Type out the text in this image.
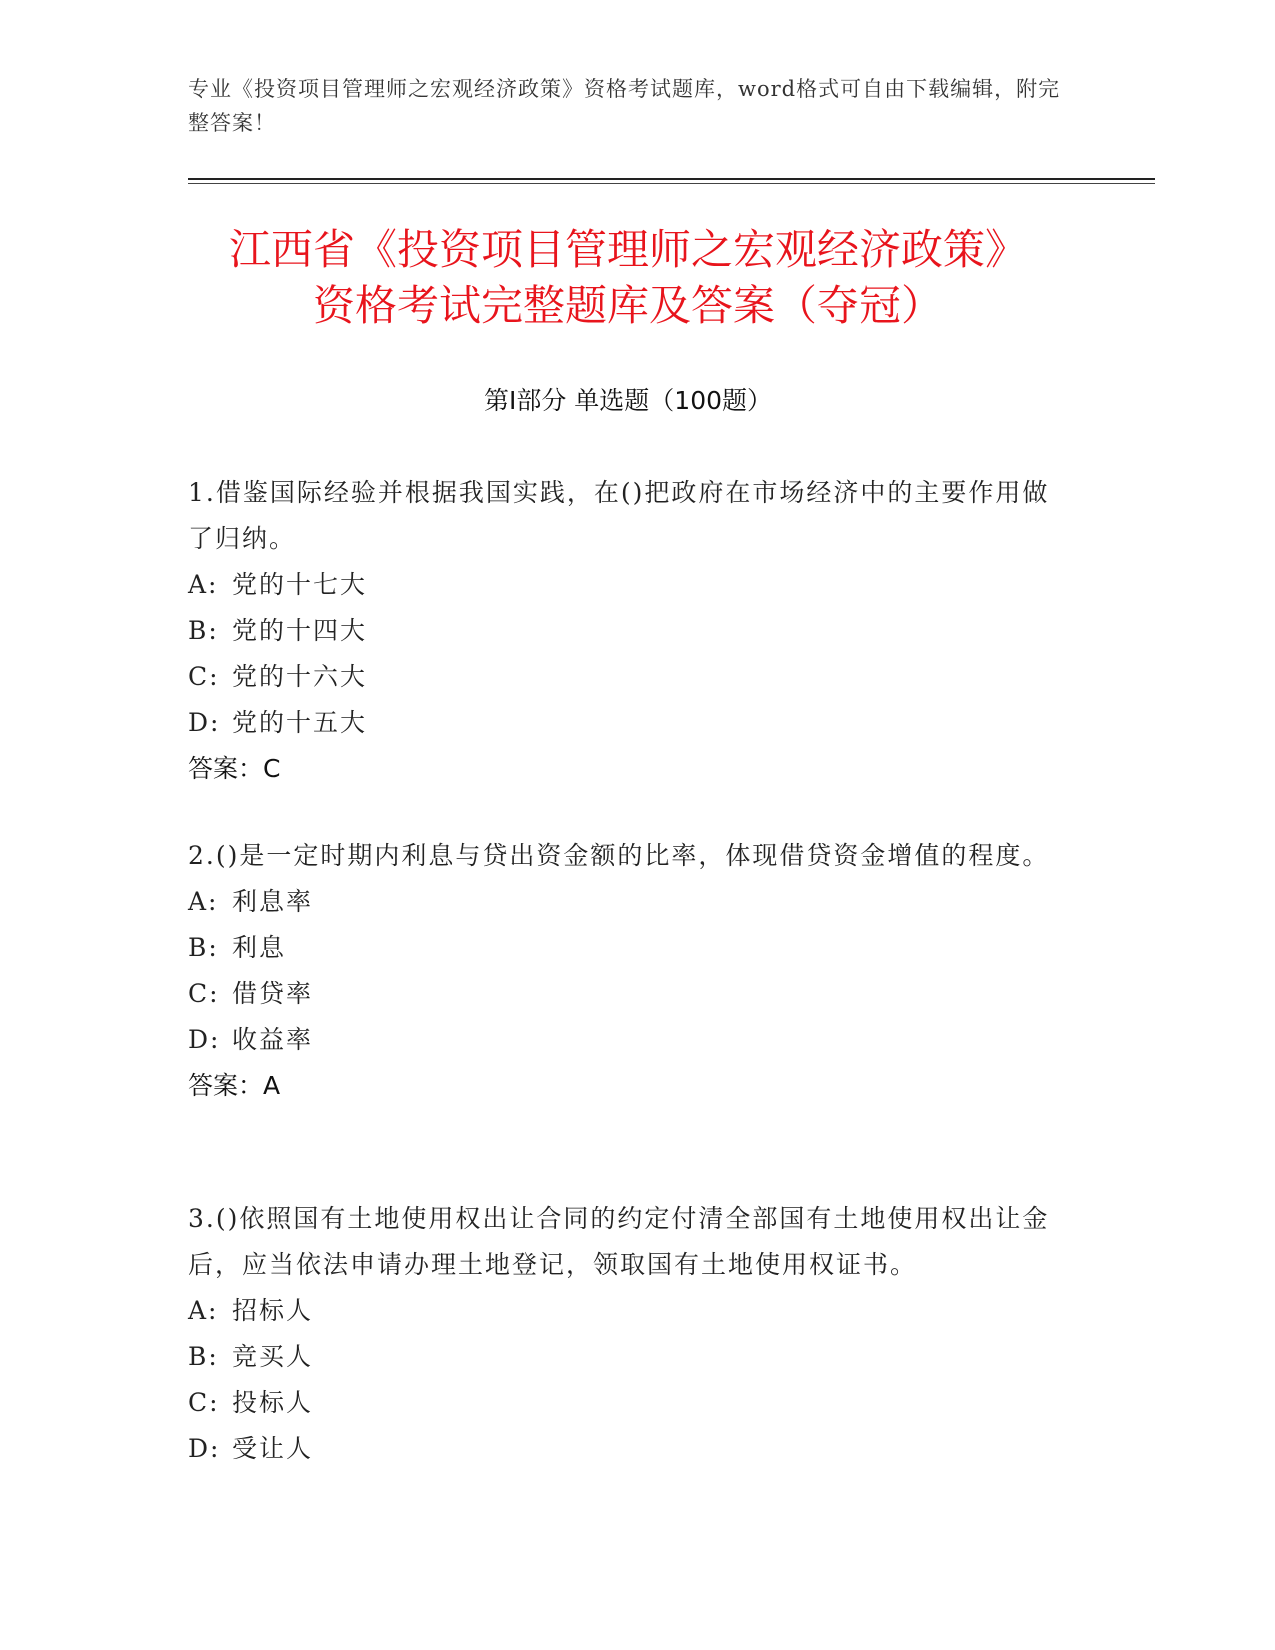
专业《投资项目管理师之宏观经济政策》资格考试题库，word格式可自由下载编辑，附完整答案！
江西省《投资项目管理师之宏观经济政策》
资格考试完整题库及答案（夺冠）
第Ⅰ部分 单选题（100题）

1.借鉴国际经验并根据我国实践，在()把政府在市场经济中的主要作用做了归纳。

A: 党的十七大

B: 党的十四大

C: 党的十六大

D: 党的十五大

答案：C

2.()是一定时期内利息与贷出资金额的比率，体现借贷资金增值的程度。

A: 利息率

B: 利息

C: 借贷率

D: 收益率

答案：A

3.()依照国有土地使用权出让合同的约定付清全部国有土地使用权出让金后，应当依法申请办理土地登记，领取国有土地使用权证书。

A: 招标人

B: 竞买人

C: 投标人

D: 受让人
